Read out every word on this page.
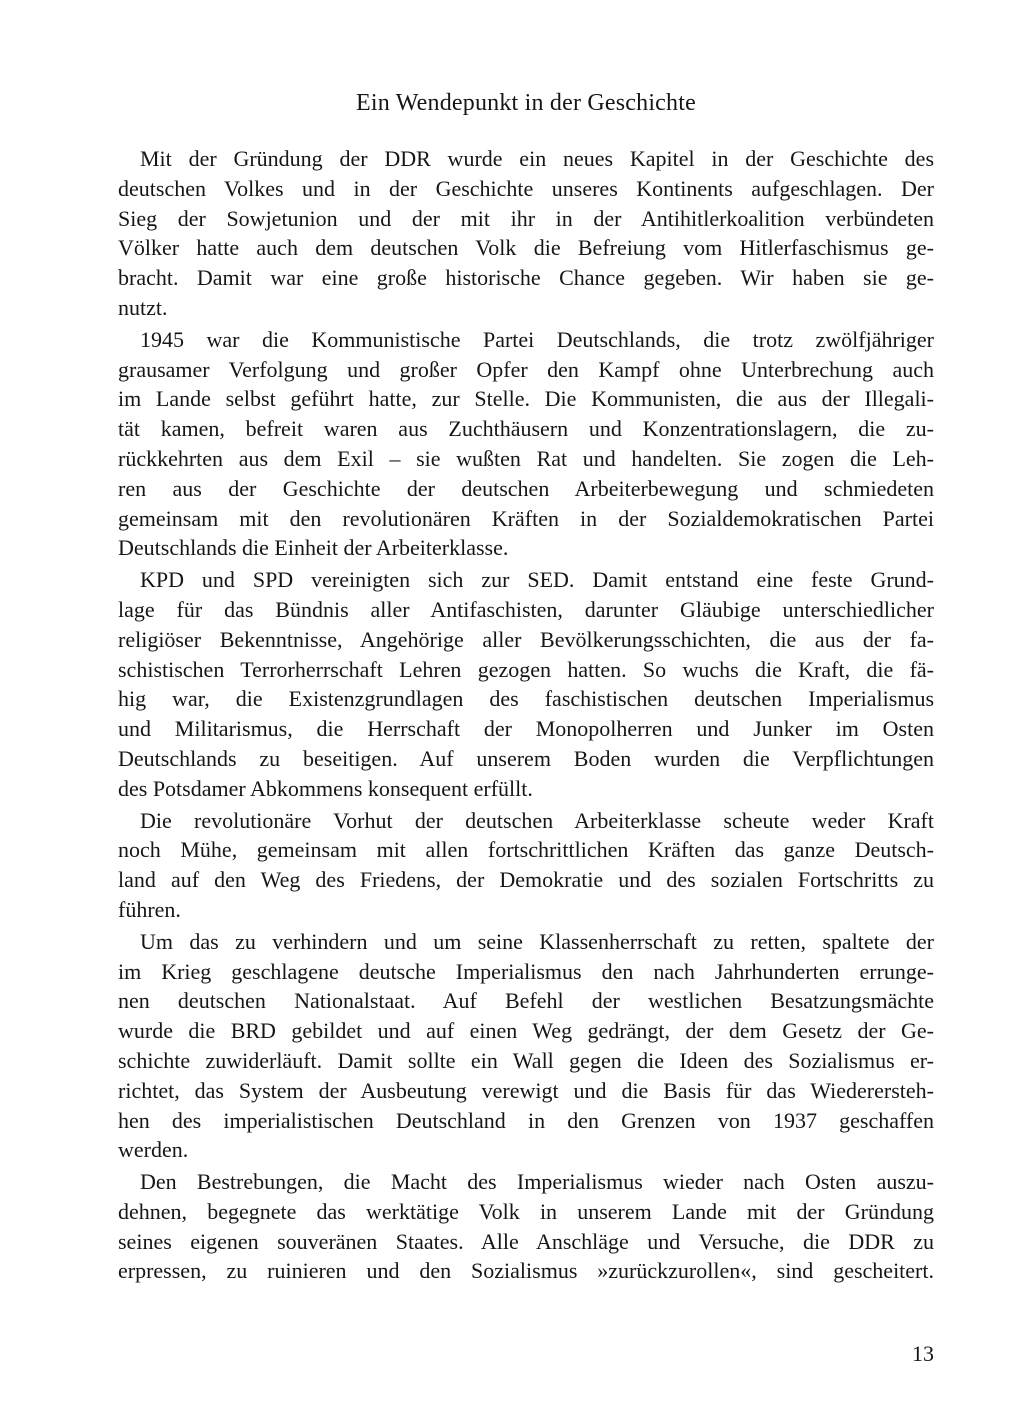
Ein Wendepunkt in der Geschichte

Mit der Gründung der DDR wurde ein neues Kapitel in der Geschichte des
deutschen Volkes und in der Geschichte unseres Kontinents aufgeschlagen. Der
Sieg der Sowjetunion und der mit ihr in der Antihitlerkoalition verbündeten
Völker hatte auch dem deutschen Volk die Befreiung vom Hitlerfaschismus ge-
bracht. Damit war eine große historische Chance gegeben. Wir haben sie ge-
nutzt.

1945 war die Kommunistische Partei Deutschlands, die trotz zwölfjähriger
grausamer Verfolgung und großer Opfer den Kampf ohne Unterbrechung auch
im Lande selbst geführt hatte, zur Stelle. Die Kommunisten, die aus der Illegali-
tät kamen, befreit waren aus Zuchthäusern und Konzentrationslagern, die zu-
rückkehrten aus dem Exil – sie wußten Rat und handelten. Sie zogen die Leh-
ren aus der Geschichte der deutschen Arbeiterbewegung und schmiedeten
gemeinsam mit den revolutionären Kräften in der Sozialdemokratischen Partei
Deutschlands die Einheit der Arbeiterklasse.

KPD und SPD vereinigten sich zur SED. Damit entstand eine feste Grund-
lage für das Bündnis aller Antifaschisten, darunter Gläubige unterschiedlicher
religiöser Bekenntnisse, Angehörige aller Bevölkerungsschichten, die aus der fa-
schistischen Terrorherrschaft Lehren gezogen hatten. So wuchs die Kraft, die fä-
hig war, die Existenzgrundlagen des faschistischen deutschen Imperialismus
und Militarismus, die Herrschaft der Monopolherren und Junker im Osten
Deutschlands zu beseitigen. Auf unserem Boden wurden die Verpflichtungen
des Potsdamer Abkommens konsequent erfüllt.

Die revolutionäre Vorhut der deutschen Arbeiterklasse scheute weder Kraft
noch Mühe, gemeinsam mit allen fortschrittlichen Kräften das ganze Deutsch-
land auf den Weg des Friedens, der Demokratie und des sozialen Fortschritts zu
führen.

Um das zu verhindern und um seine Klassenherrschaft zu retten, spaltete der
im Krieg geschlagene deutsche Imperialismus den nach Jahrhunderten errunge-
nen deutschen Nationalstaat. Auf Befehl der westlichen Besatzungsmächte
wurde die BRD gebildet und auf einen Weg gedrängt, der dem Gesetz der Ge-
schichte zuwiderläuft. Damit sollte ein Wall gegen die Ideen des Sozialismus er-
richtet, das System der Ausbeutung verewigt und die Basis für das Wiederersteh-
hen des imperialistischen Deutschland in den Grenzen von 1937 geschaffen
werden.

Den Bestrebungen, die Macht des Imperialismus wieder nach Osten auszu-
dehnen, begegnete das werktätige Volk in unserem Lande mit der Gründung
seines eigenen souveränen Staates. Alle Anschläge und Versuche, die DDR zu
erpressen, zu ruinieren und den Sozialismus »zurückzurollen«, sind gescheitert.

13
